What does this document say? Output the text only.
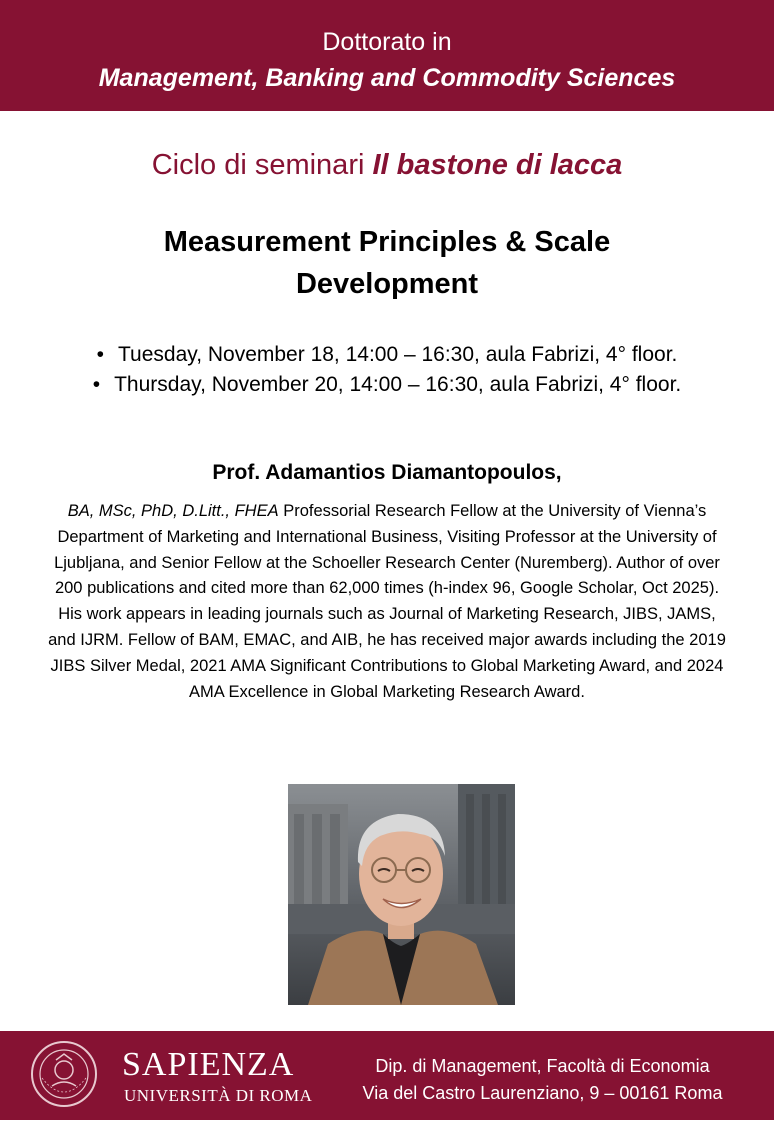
Dottorato in
Management, Banking and Commodity Sciences
Ciclo di seminari Il bastone di lacca
Measurement Principles & Scale Development
• Tuesday, November 18, 14:00 – 16:30, aula Fabrizi, 4° floor.
• Thursday, November 20, 14:00 – 16:30, aula Fabrizi, 4° floor.
Prof. Adamantios Diamantopoulos,
BA, MSc, PhD, D.Litt., FHEA Professorial Research Fellow at the University of Vienna’s Department of Marketing and International Business, Visiting Professor at the University of Ljubljana, and Senior Fellow at the Schoeller Research Center (Nuremberg). Author of over 200 publications and cited more than 62,000 times (h-index 96, Google Scholar, Oct 2025). His work appears in leading journals such as Journal of Marketing Research, JIBS, JAMS, and IJRM. Fellow of BAM, EMAC, and AIB, he has received major awards including the 2019 JIBS Silver Medal, 2021 AMA Significant Contributions to Global Marketing Award, and 2024 AMA Excellence in Global Marketing Research Award.
SAPIENZA
UNIVERSITÀ DI ROMA
Dip. di Management, Facoltà di Economia
Via del Castro Laurenziano, 9 – 00161 Roma
